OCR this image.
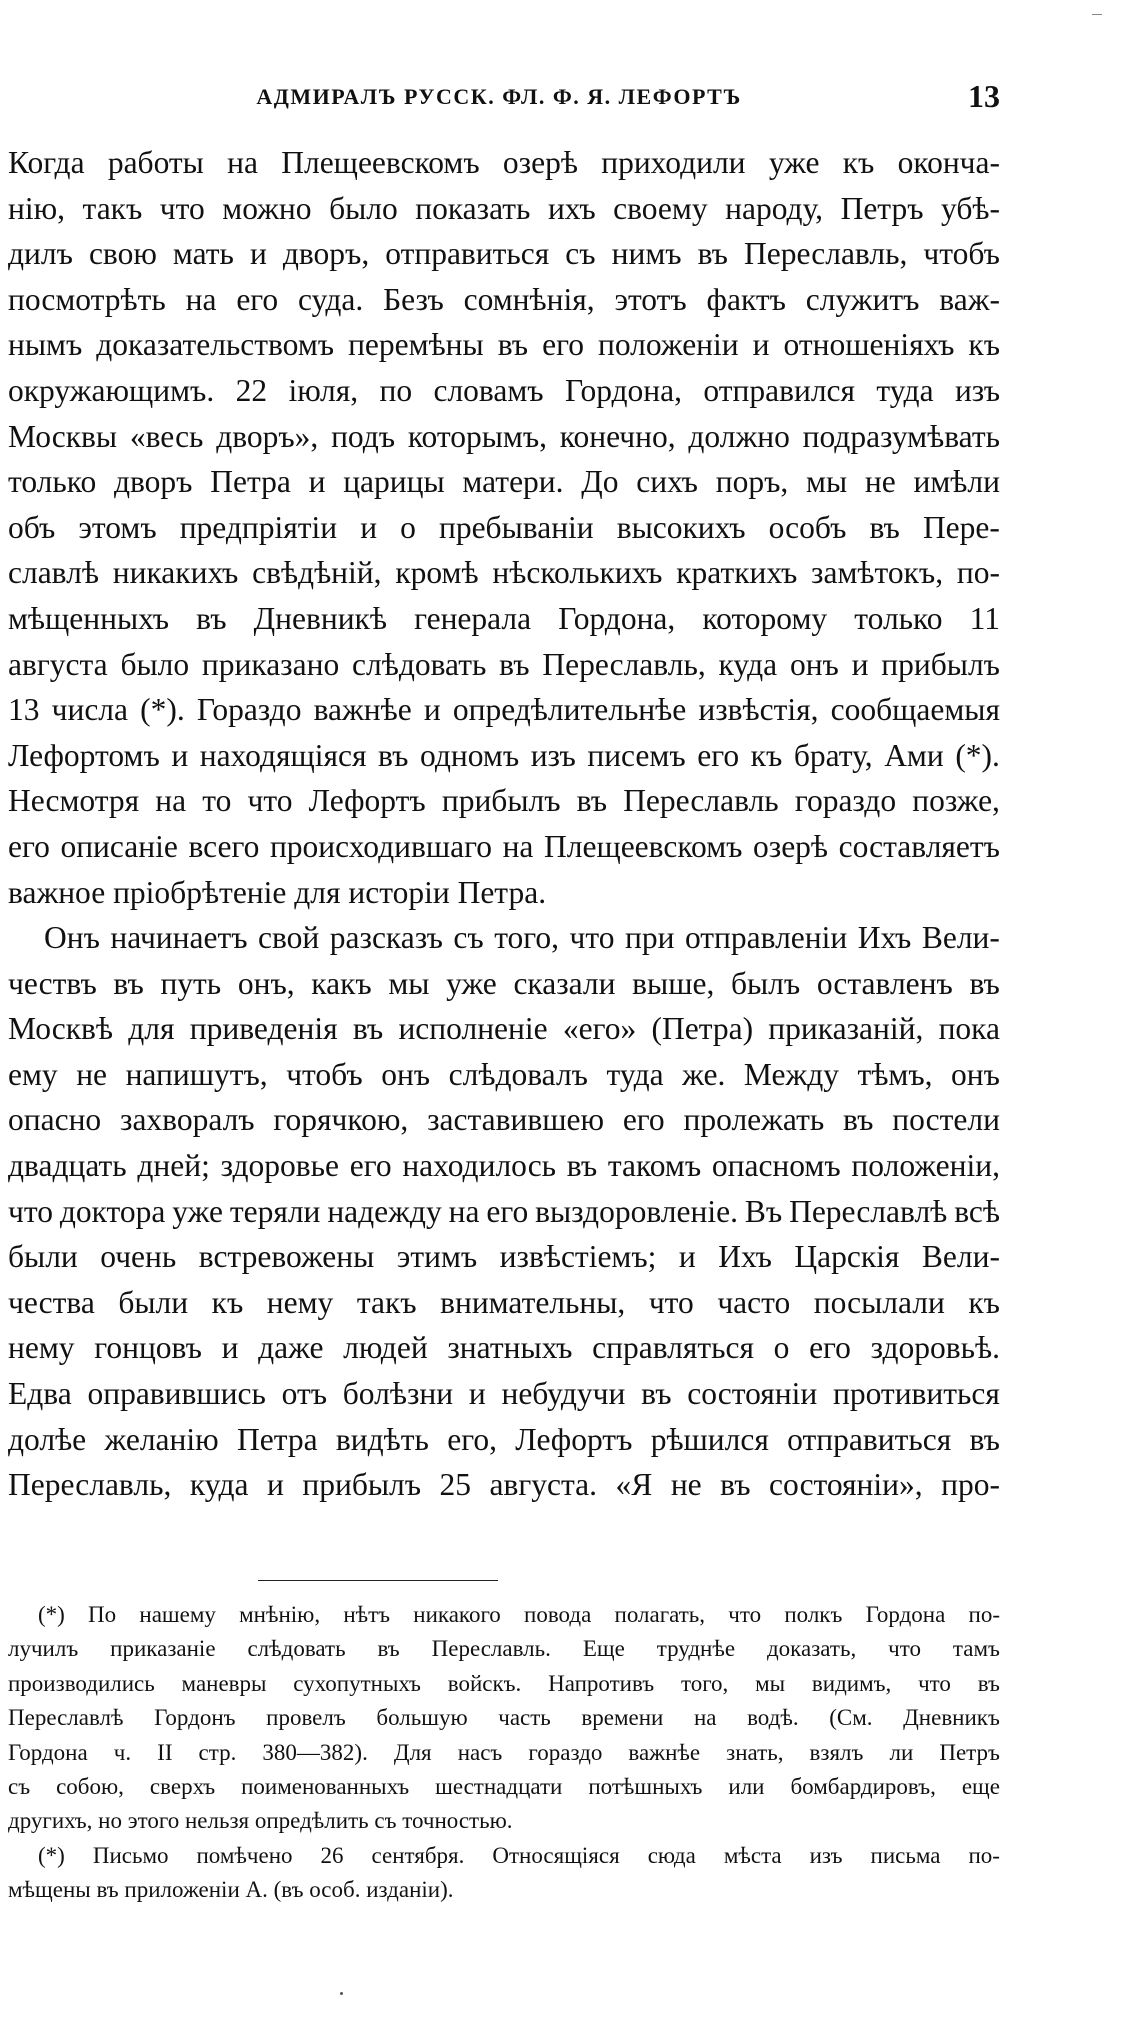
АДМИРАЛЪ РУССК. ФЛ. Ф. Я. ЛЕФОРТЪ	13
Когда работы на Плещеевскомъ озерѣ приходили уже къ оконча-
нію, такъ что можно было показать ихъ своему народу, Петръ убѣ-
дилъ свою мать и дворъ, отправиться съ нимъ въ Переславль, чтобъ
посмотрѣть на его суда. Безъ сомнѣнія, этотъ фактъ служитъ важ-
нымъ доказательствомъ перемѣны въ его положеніи и отношеніяхъ къ
окружающимъ. 22 іюля, по словамъ Гордона, отправился туда изъ
Москвы «весь дворъ», подъ которымъ, конечно, должно подразумѣвать
только дворъ Петра и царицы матери. До сихъ поръ, мы не имѣли
объ этомъ предпріятіи и о пребываніи высокихъ особъ въ Пере-
славлѣ никакихъ свѣдѣній, кромѣ нѣсколькихъ краткихъ замѣтокъ, по-
мѣщенныхъ въ Дневникѣ генерала Гордона, которому только 11
августа было приказано слѣдовать въ Переславль, куда онъ и прибылъ
13 числа (*). Гораздо важнѣе и опредѣлительнѣе извѣстія, сообщаемыя
Лефортомъ и находящіяся въ одномъ изъ писемъ его къ брату, Ами (*).
Несмотря на то что Лефортъ прибылъ въ Переславль гораздо позже,
его описаніе всего происходившаго на Плещеевскомъ озерѣ составляетъ
важное пріобрѣтеніе для исторіи Петра.
Онъ начинаетъ свой разсказъ съ того, что при отправленіи Ихъ Вели-
чествъ въ путь онъ, какъ мы уже сказали выше, былъ оставленъ въ
Москвѣ для приведенія въ исполненіе «его» (Петра) приказаній, пока
ему не напишутъ, чтобъ онъ слѣдовалъ туда же. Между тѣмъ, онъ
опасно захворалъ горячкою, заставившею его пролежать въ постели
двадцать дней; здоровье его находилось въ такомъ опасномъ положеніи,
что доктора уже теряли надежду на его выздоровленіе. Въ Переславлѣ всѣ
были очень встревожены этимъ извѣстіемъ; и Ихъ Царскія Вели-
чества были къ нему такъ внимательны, что часто посылали къ
нему гонцовъ и даже людей знатныхъ справляться о его здоровьѣ.
Едва оправившись отъ болѣзни и небудучи въ состояніи противиться
долѣе желанію Петра видѣть его, Лефортъ рѣшился отправиться въ
Переславль, куда и прибылъ 25 августа. «Я не въ состояніи», про-
(*) По нашему мнѣнію, нѣтъ никакого повода полагать, что полкъ Гордона по-
лучилъ приказаніе слѣдовать въ Переславль. Еще труднѣе доказать, что тамъ
производились маневры сухопутныхъ войскъ. Напротивъ того, мы видимъ, что въ
Переславлѣ Гордонъ провелъ большую часть времени на водѣ. (См. Дневникъ
Гордона ч. II стр. 380—382). Для насъ гораздо важнѣе знать, взялъ ли Петръ
съ собою, сверхъ поименованныхъ шестнадцати потѣшныхъ или бомбардировъ, еще
другихъ, но этого нельзя опредѣлить съ точностью.
(*) Письмо помѣчено 26 сентября. Относящіяся сюда мѣста изъ письма по-
мѣщены въ приложеніи А. (въ особ. изданіи).
